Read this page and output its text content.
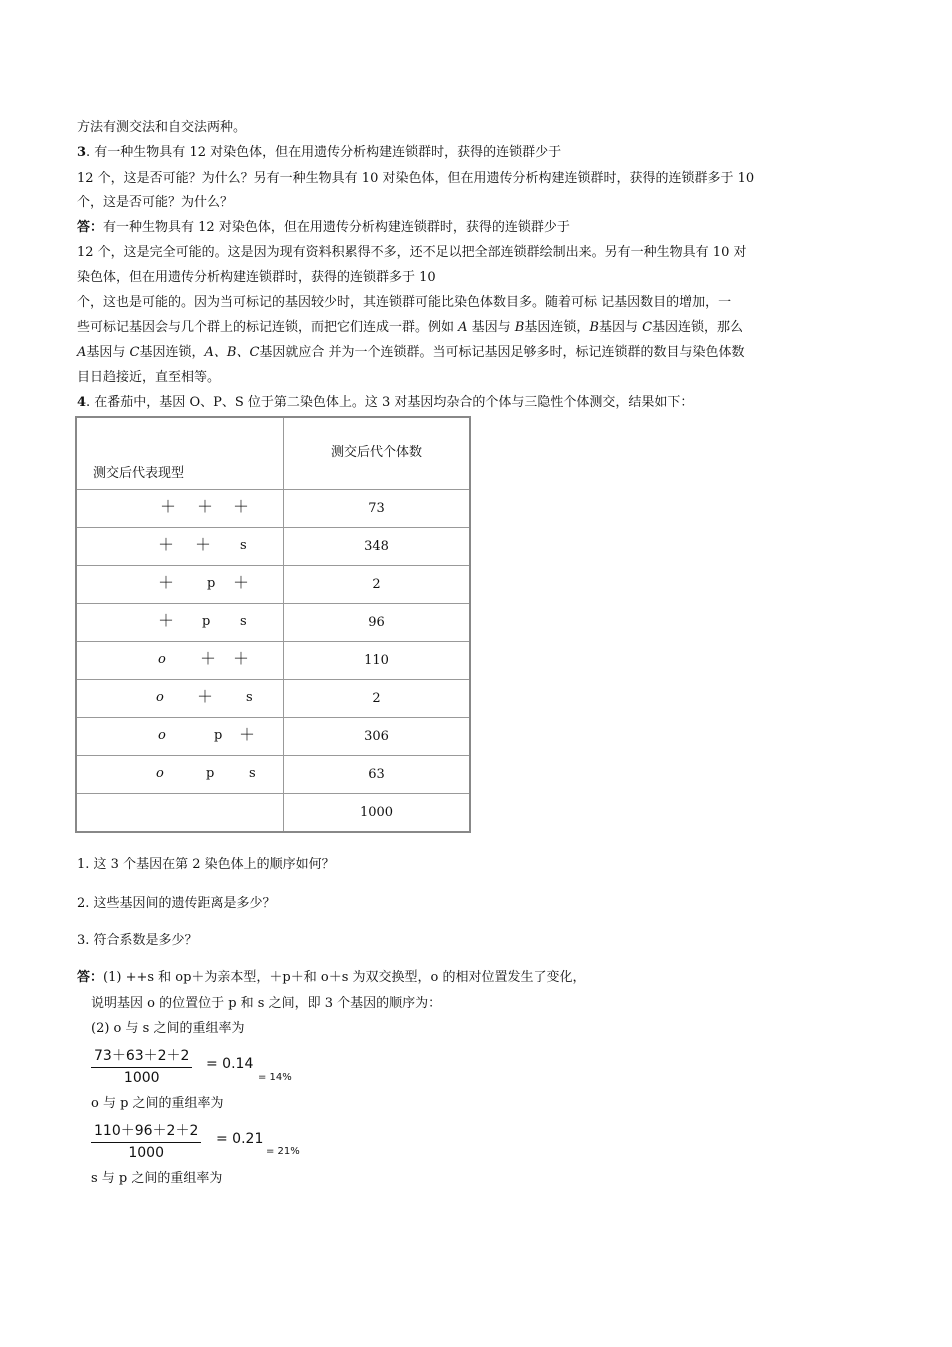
方法有测交法和自交法两种。
3. 有一种生物具有 12 对染色体，但在用遗传分析构建连锁群时，获得的连锁群少于
12 个，这是否可能？为什么？另有一种生物具有 10 对染色体，但在用遗传分析构建连锁群时，获得的连锁群多于 10
个，这是否可能？为什么？
答：有一种生物具有 12 对染色体，但在用遗传分析构建连锁群时，获得的连锁群少于
12 个，这是完全可能的。这是因为现有资料积累得不多，还不足以把全部连锁群绘制出来。另有一种生物具有 10 对
染色体，但在用遗传分析构建连锁群时，获得的连锁群多于 10
个，这也是可能的。因为当可标记的基因较少时，其连锁群可能比染色体数目多。随着可标 记基因数目的增加，一
些可标记基因会与几个群上的标记连锁，而把它们连成一群。例如 A 基因与 B基因连锁，B基因与 C基因连锁，那么
A基因与 C基因连锁，A、B、C基因就应合 并为一个连锁群。当可标记基因足够多时，标记连锁群的数目与染色体数
目日趋接近，直至相等。
4. 在番茄中，基因 O、P、S 位于第二染色体上。这 3 对基因均杂合的个体与三隐性个体测交，结果如下：
测交后代表现型	测交后代个体数

＋ ＋ ＋	73

＋ ＋ s	348

＋ p ＋	2

＋ p s	96

o ＋ ＋	110

o ＋ s	2

o p ＋	306

o p s	63
	1000
1. 这 3 个基因在第 2 染色体上的顺序如何？
2. 这些基因间的遗传距离是多少？
3. 符合系数是多少？
答：(1) ++s 和 op＋为亲本型，＋p＋和 o＋s 为双交换型，o 的相对位置发生了变化，
说明基因 o 的位置位于 p 和 s 之间，即 3 个基因的顺序为：
(2) o 与 s 之间的重组率为
$\frac{73+63+2+2}{1000} = 0.14$
= 14%
o 与 p 之间的重组率为
$\frac{110+96+2+2}{1000} = 0.21$
= 21%
s 与 p 之间的重组率为
